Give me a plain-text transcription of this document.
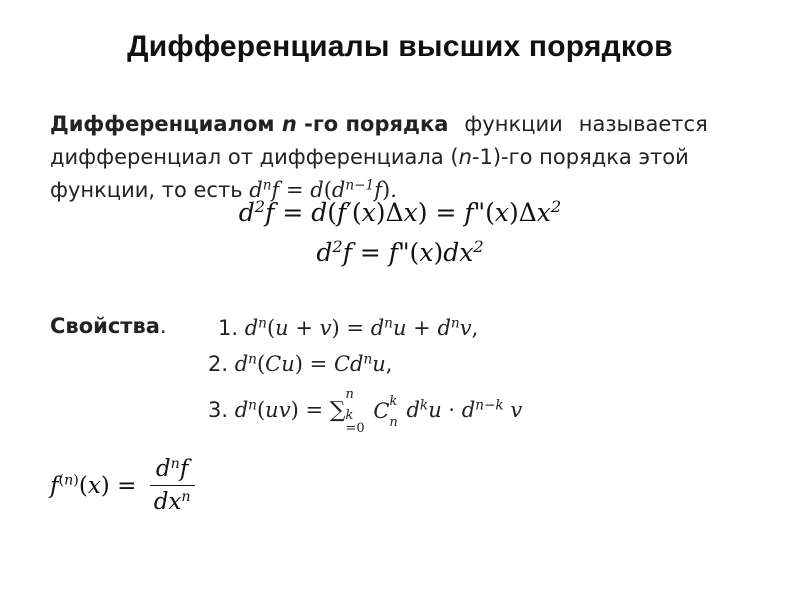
Дифференциалы высших порядков
Дифференциалом n -го порядка функции называется
дифференциал от дифференциала (n-1)-го порядка этой
функции, то есть $d^nf = d(d^{n-1}f)$.
$d^2f = d(f'(x)\Delta x)$ = $f"(x)\Delta x^2$
$d^2f$ = $f"(x)dx^2$
Свойства. 1. $d^n(u + v) = d^nu + d^nv$,
2. $d^n(Cu) = Cd^nu$,
3. $d^n(uv)$ = ∑
n
k
=0
C k
n $d^ku \cdot d^{n-k}$ v
$f^{(n)}(x) = \frac{d^nf}{dx^n}$
